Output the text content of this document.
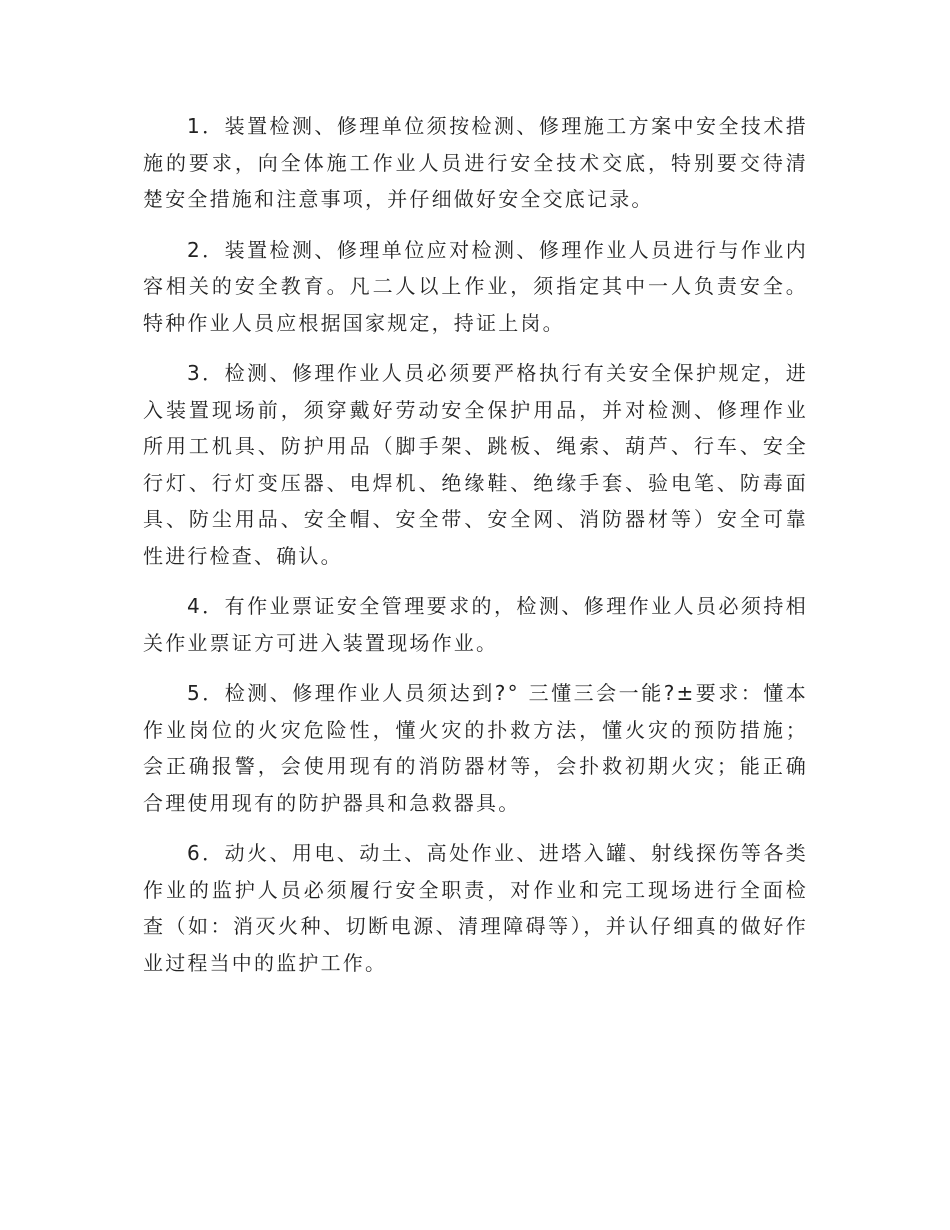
1．装置检测、修理单位须按检测、修理施工方案中安全技术措施的要求，向全体施工作业人员进行安全技术交底，特别要交待清楚安全措施和注意事项，并仔细做好安全交底记录。

2．装置检测、修理单位应对检测、修理作业人员进行与作业内容相关的安全教育。凡二人以上作业，须指定其中一人负责安全。特种作业人员应根据国家规定，持证上岗。

3．检测、修理作业人员必须要严格执行有关安全保护规定，进入装置现场前，须穿戴好劳动安全保护用品，并对检测、修理作业所用工机具、防护用品（脚手架、跳板、绳索、葫芦、行车、安全行灯、行灯变压器、电焊机、绝缘鞋、绝缘手套、验电笔、防毒面具、防尘用品、安全帽、安全带、安全网、消防器材等）安全可靠性进行检查、确认。

4．有作业票证安全管理要求的，检测、修理作业人员必须持相关作业票证方可进入装置现场作业。

5．检测、修理作业人员须达到?° 三懂三会一能?±要求：懂本作业岗位的火灾危险性，懂火灾的扑救方法，懂火灾的预防措施；会正确报警，会使用现有的消防器材等，会扑救初期火灾；能正确合理使用现有的防护器具和急救器具。

6．动火、用电、动土、高处作业、进塔入罐、射线探伤等各类作业的监护人员必须履行安全职责，对作业和完工现场进行全面检查（如：消灭火种、切断电源、清理障碍等），并认仔细真的做好作业过程当中的监护工作。
